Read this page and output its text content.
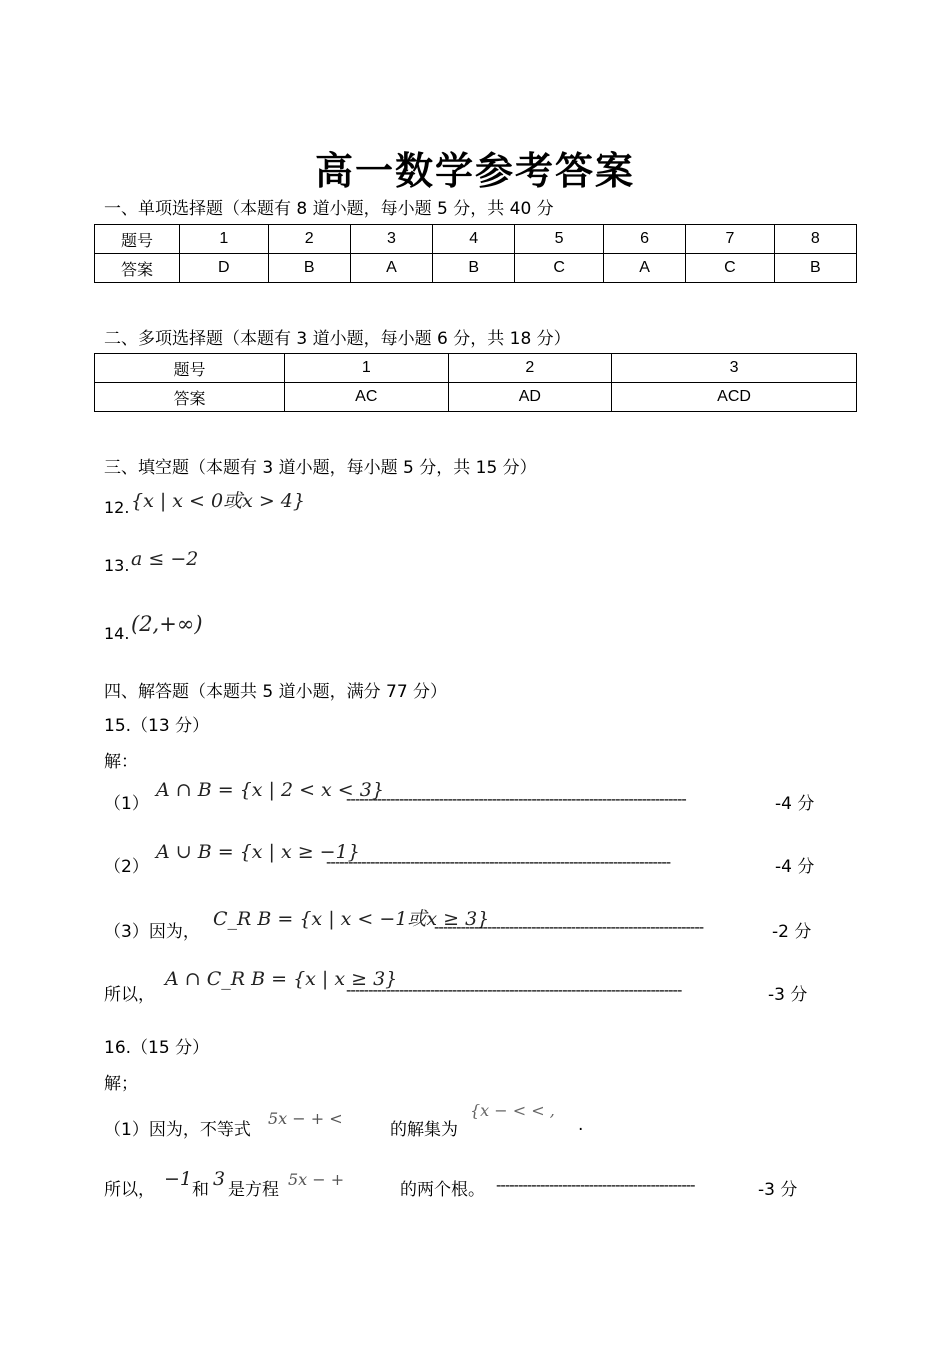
高一数学参考答案
一、单项选择题（本题有 8 道小题，每小题 5 分，共 40 分
题号	1	2	3	4	5	6	7	8
答案	D	B	A	B	C	A	C	B
二、多项选择题（本题有 3 道小题，每小题 6 分，共 18 分）
题号	1	2	3
答案	AC	AD	ACD
三、填空题（本题有 3 道小题，每小题 5 分，共 15 分）
12. {x | x < 0或x > 4}
13. a ≤ −2
14. (2,+∞)
四、解答题（本题共 5 道小题，满分 77 分）
15.（13 分）
解：
（1）
A ∩ B = {x | 2 < x < 3}
-----------------------------------------------------------------------------	-4 分
（2）
A ∪ B = {x | x ≥ −1}
------------------------------------------------------------------------------	-4 分
（3）因为，
C_R B = {x | x < −1或x ≥ 3}
-------------------------------------------------------------	-2 分
所以，
A ∩ C_R B = {x | x ≥ 3}
----------------------------------------------------------------------------	-3 分
16.（15 分）
解；
（1）因为，不等式
5x − + <
的解集为
{x − < < ,
.
所以， −1 和 3 是方程
5x − +
的两个根。 ---------------------------------------------	-3 分
